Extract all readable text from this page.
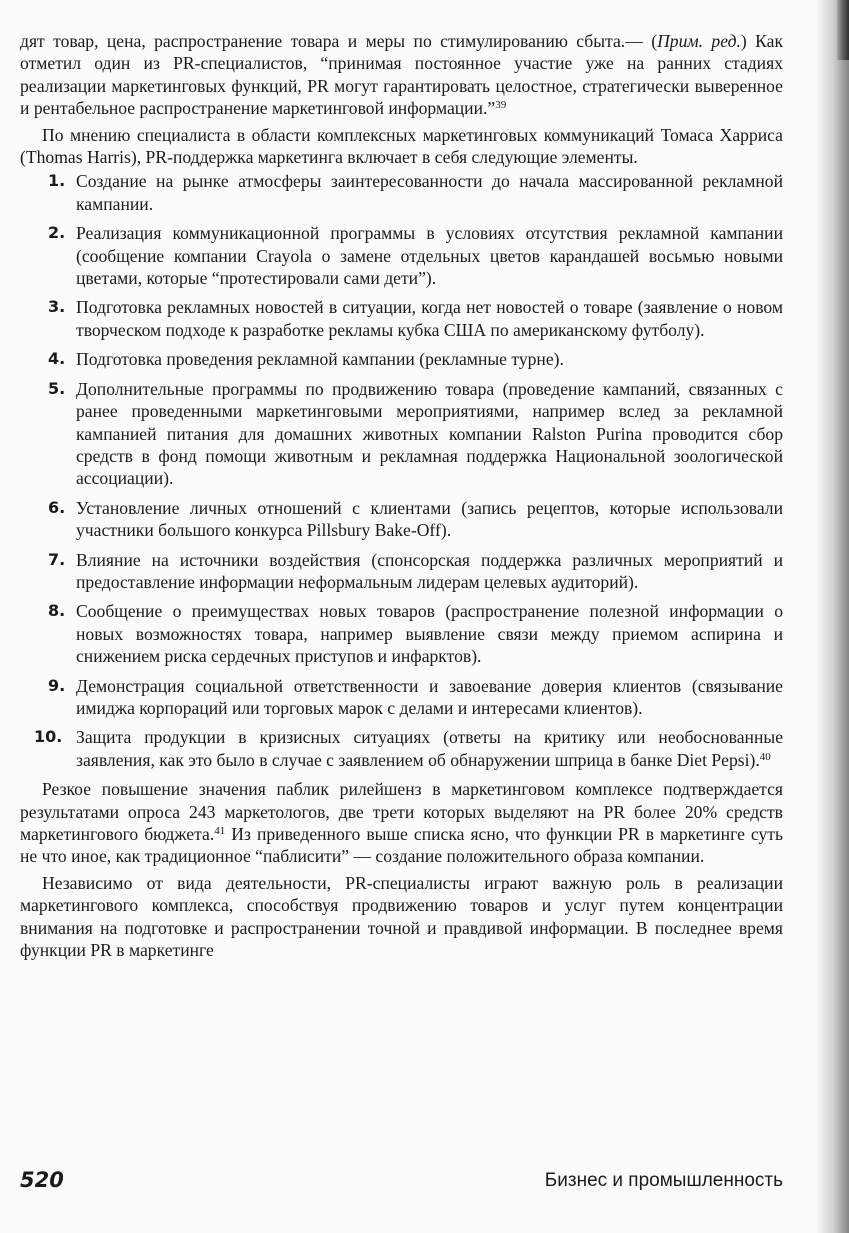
дят товар, цена, распространение товара и меры по стимулированию сбыта.— (Прим. ред.) Как отметил один из PR-специалистов, “принимая постоянное участие уже на ранних стадиях реализации маркетинговых функций, PR могут гарантировать целостное, стратегически выверенное и рентабельное распространение маркетинговой информации.”$^{39}$

По мнению специалиста в области комплексных маркетинговых коммуникаций Томаса Харриса (Thomas Harris), PR-поддержка маркетинга включает в себя следующие элементы.

1. Создание на рынке атмосферы заинтересованности до начала массированной рекламной кампании.
2. Реализация коммуникационной программы в условиях отсутствия рекламной кампании (сообщение компании Crayola о замене отдельных цветов карандашей восьмью новыми цветами, которые “протестировали сами дети”).
3. Подготовка рекламных новостей в ситуации, когда нет новостей о товаре (заявление о новом творческом подходе к разработке рекламы кубка США по американскому футболу).
4. Подготовка проведения рекламной кампании (рекламные турне).
5. Дополнительные программы по продвижению товара (проведение кампаний, связанных с ранее проведенными маркетинговыми мероприятиями, например вслед за рекламной кампанией питания для домашних животных компании Ralston Purina проводится сбор средств в фонд помощи животным и рекламная поддержка Национальной зоологической ассоциации).
6. Установление личных отношений с клиентами (запись рецептов, которые использовали участники большого конкурса Pillsbury Bake-Off).
7. Влияние на источники воздействия (спонсорская поддержка различных мероприятий и предоставление информации неформальным лидерам целевых аудиторий).
8. Сообщение о преимуществах новых товаров (распространение полезной информации о новых возможностях товара, например выявление связи между приемом аспирина и снижением риска сердечных приступов и инфарктов).
9. Демонстрация социальной ответственности и завоевание доверия клиентов (связывание имиджа корпораций или торговых марок с делами и интересами клиентов).
10. Защита продукции в кризисных ситуациях (ответы на критику или необоснованные заявления, как это было в случае с заявлением об обнаружении шприца в банке Diet Pepsi).$^{40}$

Резкое повышение значения паблик рилейшенз в маркетинговом комплексе подтверждается результатами опроса 243 маркетологов, две трети которых выделяют на PR более 20% средств маркетингового бюджета.$^{41}$ Из приведенного выше списка ясно, что функции PR в маркетинге суть не что иное, как традиционное “паблисити” — создание положительного образа компании.

Независимо от вида деятельности, PR-специалисты играют важную роль в реализации маркетингового комплекса, способствуя продвижению товаров и услуг путем концентрации внимания на подготовке и распространении точной и правдивой информации. В последнее время функции PR в маркетинге

520	Бизнес и промышленность
